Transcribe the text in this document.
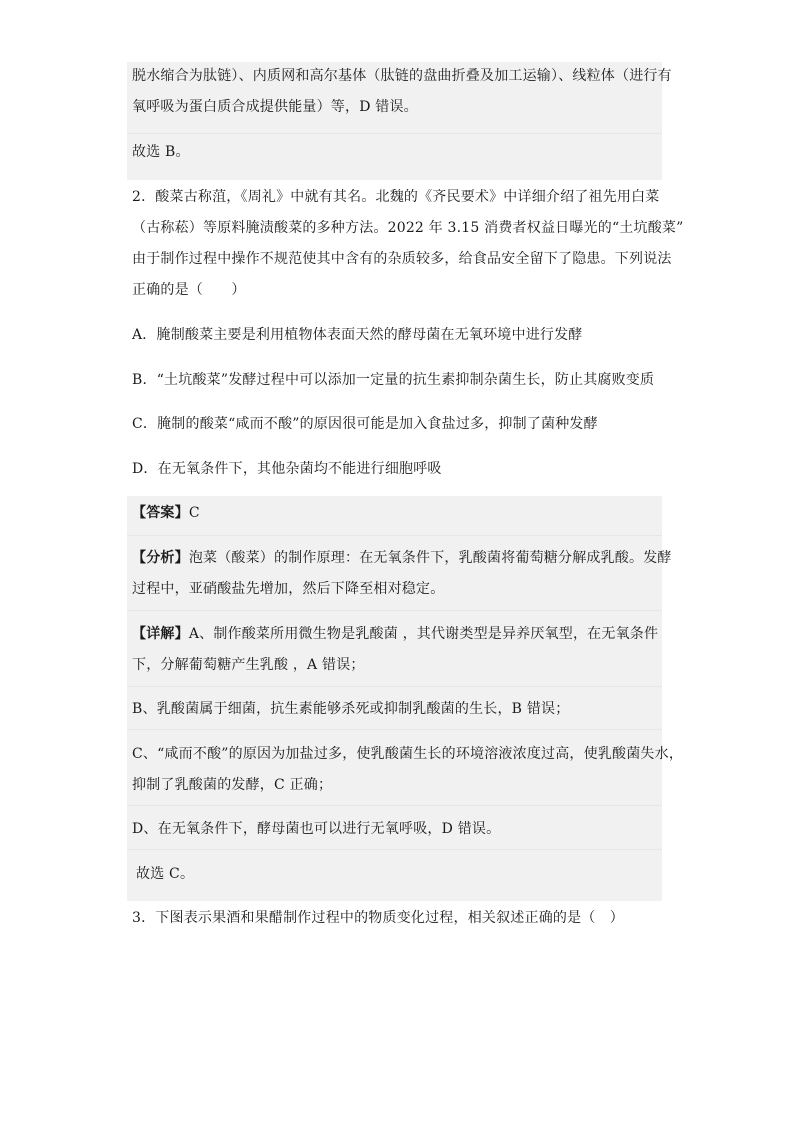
脱水缩合为肽链）、内质网和高尔基体（肽链的盘曲折叠及加工运输）、线粒体（进行有
氧呼吸为蛋白质合成提供能量）等，D 错误。
故选 B。
2．酸菜古称菹，《周礼》中就有其名。北魏的《齐民要术》中详细介绍了祖先用白菜
（古称菘）等原料腌渍酸菜的多种方法。2022 年 3.15 消费者权益日曝光的“土坑酸菜”
由于制作过程中操作不规范使其中含有的杂质较多，给食品安全留下了隐患。下列说法
正确的是（　　）
A．腌制酸菜主要是利用植物体表面天然的酵母菌在无氧环境中进行发酵
B．“土坑酸菜”发酵过程中可以添加一定量的抗生素抑制杂菌生长，防止其腐败变质
C．腌制的酸菜“咸而不酸”的原因很可能是加入食盐过多，抑制了菌种发酵
D．在无氧条件下，其他杂菌均不能进行细胞呼吸
【答案】C
【分析】泡菜（酸菜）的制作原理：在无氧条件下，乳酸菌将葡萄糖分解成乳酸。发酵
过程中，亚硝酸盐先增加，然后下降至相对稳定。
【详解】A、制作酸菜所用微生物是乳酸菌 ，其代谢类型是异养厌氧型，在无氧条件
下，分解葡萄糖产生乳酸 ，A 错误；
B、乳酸菌属于细菌，抗生素能够杀死或抑制乳酸菌的生长，B 错误；
C、“咸而不酸”的原因为加盐过多，使乳酸菌生长的环境溶液浓度过高，使乳酸菌失水，
抑制了乳酸菌的发酵，C 正确；
D、在无氧条件下，酵母菌也可以进行无氧呼吸，D 错误。
故选 C。
3．下图表示果酒和果醋制作过程中的物质变化过程，相关叙述正确的是（　）
